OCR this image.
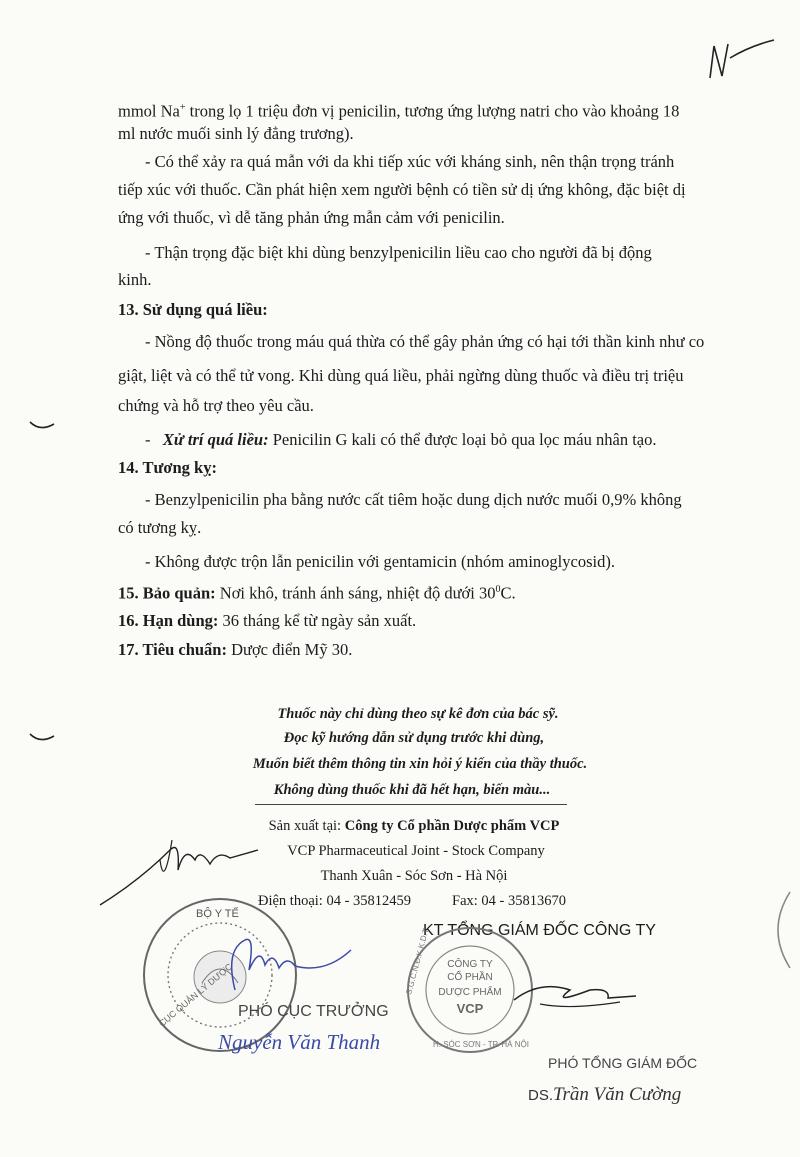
mmol Na+ trong lọ 1 triệu đơn vị penicilin, tương ứng lượng natri cho vào khoảng 18
ml nước muối sinh lý đẳng trương).
- Có thể xảy ra quá mẫn với da khi tiếp xúc với kháng sinh, nên thận trọng tránh
tiếp xúc với thuốc. Cần phát hiện xem người bệnh có tiền sử dị ứng không, đặc biệt dị
ứng với thuốc, vì dễ tăng phản ứng mẫn cảm với penicilin.
- Thận trọng đặc biệt khi dùng benzylpenicilin liều cao cho người đã bị động
kinh.
13. Sử dụng quá liều:
- Nồng độ thuốc trong máu quá thừa có thể gây phản ứng có hại tới thần kinh như co
giật, liệt và có thể tử vong. Khi dùng quá liều, phải ngừng dùng thuốc và điều trị triệu
chứng và hỗ trợ theo yêu cầu.
- Xử trí quá liều: Penicilin G kali có thể được loại bỏ qua lọc máu nhân tạo.
14. Tương kỵ:
- Benzylpenicilin pha bằng nước cất tiêm hoặc dung dịch nước muối 0,9% không
có tương kỵ.
- Không được trộn lẫn penicilin với gentamicin (nhóm aminoglycosid).
15. Bảo quản: Nơi khô, tránh ánh sáng, nhiệt độ dưới $30^0C$.
16. Hạn dùng: 36 tháng kể từ ngày sản xuất.
17. Tiêu chuẩn: Dược điển Mỹ 30.
Thuốc này chỉ dùng theo sự kê đơn của bác sỹ.
Đọc kỹ hướng dẫn sử dụng trước khi dùng,
Muốn biết thêm thông tin xin hỏi ý kiến của thầy thuốc.
Không dùng thuốc khi đã hết hạn, biến màu...
Sản xuất tại: Công ty Cổ phần Dược phẩm VCP
VCP Pharmaceutical Joint - Stock Company
Thanh Xuân - Sóc Sơn - Hà Nội
Điện thoại: 04 - 35812459	Fax: 04 - 35813670
BỘ Y TẾ
CỤC QUẢN LÝ DƯỢC PHÓ CỤC TRƯỞNG
Nguyễn Văn Thanh
KT TỔNG GIÁM ĐỐC CÔNG TY
CÔNG TY
CỔ PHẦN
DƯỢC PHẨM
VCP
S.G.C.N.Đ.K.K.D.T
H. SÓC SƠN - TP. HÀ NỘI
PHÓ TỔNG GIÁM ĐỐC
DS.Trần Văn Cường
